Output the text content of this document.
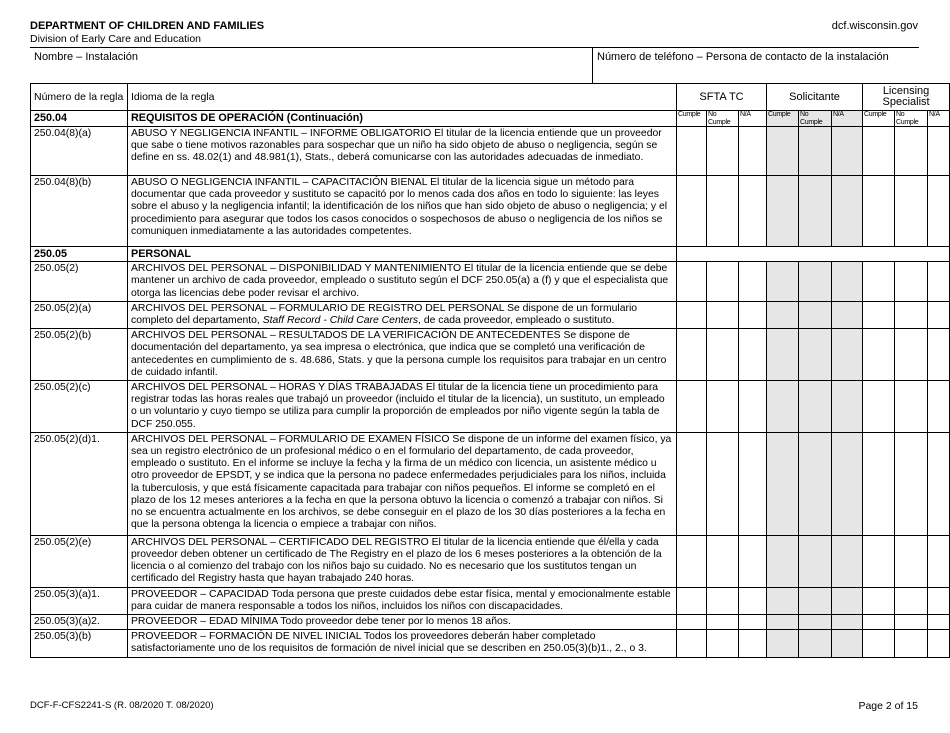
DEPARTMENT OF CHILDREN AND FAMILIES
Division of Early Care and Education
dcf.wisconsin.gov
Nombre – Instalación	Número de teléfono – Persona de contacto de la instalación
Número de la regla	Idioma de la regla	SFTA TC			Solicitante			Licensing Specialist		
250.04	REQUISITOS DE OPERACIÓN (Continuación)	Cumple	No Cumple	N/A	Cumple	No Cumple	N/A	Cumple	No Cumple	N/A
250.04(8)(a)	ABUSO Y NEGLIGENCIA INFANTIL – INFORME OBLIGATORIO El titular de la licencia entiende que un proveedor que sabe o tiene motivos razonables para sospechar que un niño ha sido objeto de abuso o negligencia, según se define en ss. 48.02(1) and 48.981(1), Stats., deberá comunicarse con las autoridades adecuadas de inmediato.									
250.04(8)(b)	ABUSO O NEGLIGENCIA INFANTIL – CAPACITACIÓN BIENAL El titular de la licencia sigue un método para documentar que cada proveedor y sustituto se capacitó por lo menos cada dos años en todo lo siguiente: las leyes sobre el abuso y la negligencia infantil; la identificación de los niños que han sido objeto de abuso o negligencia; y el procedimiento para asegurar que todos los casos conocidos o sospechosos de abuso o negligencia de los niños se comuniquen inmediatamente a las autoridades competentes.									
250.05	PERSONAL									
250.05(2)	ARCHIVOS DEL PERSONAL – DISPONIBILIDAD Y MANTENIMIENTO El titular de la licencia entiende que se debe mantener un archivo de cada proveedor, empleado o sustituto según el DCF 250.05(a) a (f) y que el especialista que otorga las licencias debe poder revisar el archivo.									
250.05(2)(a)	ARCHIVOS DEL PERSONAL – FORMULARIO DE REGISTRO DEL PERSONAL Se dispone de un formulario completo del departamento, Staff Record - Child Care Centers, de cada proveedor, empleado o sustituto.									
250.05(2)(b)	ARCHIVOS DEL PERSONAL – RESULTADOS DE LA VERIFICACIÓN DE ANTECEDENTES Se dispone de documentación del departamento, ya sea impresa o electrónica, que indica que se completó una verificación de antecedentes en cumplimiento de s. 48.686, Stats. y que la persona cumple los requisitos para trabajar en un centro de cuidado infantil.									
250.05(2)(c)	ARCHIVOS DEL PERSONAL – HORAS Y DÍAS TRABAJADAS El titular de la licencia tiene un procedimiento para registrar todas las horas reales que trabajó un proveedor (incluido el titular de la licencia), un sustituto, un empleado o un voluntario y cuyo tiempo se utiliza para cumplir la proporción de empleados por niño vigente según la tabla de DCF 250.055.									
250.05(2)(d)1.	ARCHIVOS DEL PERSONAL – FORMULARIO DE EXAMEN FÍSICO Se dispone de un informe del examen físico, ya sea un registro electrónico de un profesional médico o en el formulario del departamento, de cada proveedor, empleado o sustituto. En el informe se incluye la fecha y la firma de un médico con licencia, un asistente médico u otro proveedor de EPSDT, y se indica que la persona no padece enfermedades perjudiciales para los niños, incluida la tuberculosis, y que está físicamente capacitada para trabajar con niños pequeños. El informe se completó en el plazo de los 12 meses anteriores a la fecha en que la persona obtuvo la licencia o comenzó a trabajar con niños. Si no se encuentra actualmente en los archivos, se debe conseguir en el plazo de los 30 días posteriores a la fecha en que la persona obtenga la licencia o empiece a trabajar con niños.									
250.05(2)(e)	ARCHIVOS DEL PERSONAL – CERTIFICADO DEL REGISTRO El titular de la licencia entiende que él/ella y cada proveedor deben obtener un certificado de The Registry en el plazo de los 6 meses posteriores a la obtención de la licencia o al comienzo del trabajo con los niños bajo su cuidado. No es necesario que los sustitutos tengan un certificado del Registry hasta que hayan trabajado 240 horas.									
250.05(3)(a)1.	PROVEEDOR – CAPACIDAD Toda persona que preste cuidados debe estar física, mental y emocionalmente estable para cuidar de manera responsable a todos los niños, incluidos los niños con discapacidades.									
250.05(3)(a)2.	PROVEEDOR – EDAD MÍNIMA Todo proveedor debe tener por lo menos 18 años.									
250.05(3)(b)	PROVEEDOR – FORMACIÓN DE NIVEL INICIAL Todos los proveedores deberán haber completado satisfactoriamente uno de los requisitos de formación de nivel inicial que se describen en 250.05(3)(b)1., 2., o 3.									
DCF-F-CFS2241-S (R. 08/2020 T. 08/2020)	Page 2 of 15
